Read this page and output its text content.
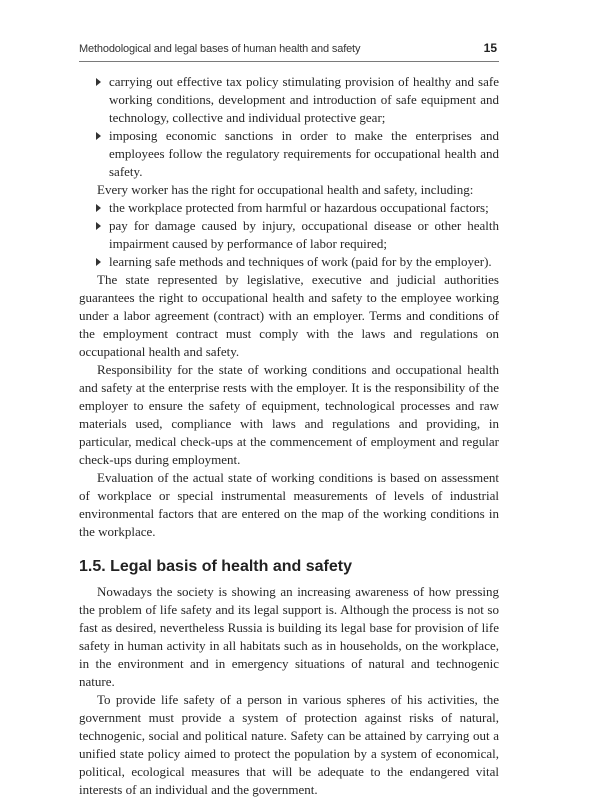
Methodological and legal bases of human health and safety	15
carrying out effective tax policy stimulating provision of healthy and safe working conditions, development and introduction of safe equipment and technology, collective and individual protective gear;
imposing economic sanctions in order to make the enterprises and employees follow the regulatory requirements for occupational health and safety.

Every worker has the right for occupational health and safety, including:

the workplace protected from harmful or hazardous occupational factors;
pay for damage caused by injury, occupational disease or other health impairment caused by performance of labor required;
learning safe methods and techniques of work (paid for by the employer).

The state represented by legislative, executive and judicial authorities guarantees the right to occupational health and safety to the employee working under a labor agreement (contract) with an employer. Terms and conditions of the employment contract must comply with the laws and regulations on occupational health and safety.

Responsibility for the state of working conditions and occupational health and safety at the enterprise rests with the employer. It is the responsibility of the employer to ensure the safety of equipment, technological processes and raw materials used, compliance with laws and regulations and providing, in particular, medical check-ups at the commencement of employment and regular check-ups during employment.

Evaluation of the actual state of working conditions is based on assessment of workplace or special instrumental measurements of levels of industrial environmental factors that are entered on the map of the working conditions in the workplace.

1.5. Legal basis of health and safety

Nowadays the society is showing an increasing awareness of how pressing the problem of life safety and its legal support is. Although the process is not so fast as desired, nevertheless Russia is building its legal base for provision of life safety in human activity in all habitats such as in households, on the workplace, in the environment and in emergency situations of natural and technogenic nature.

To provide life safety of a person in various spheres of his activities, the government must provide a system of protection against risks of natural, technogenic, social and political nature. Safety can be attained by carrying out a unified state policy aimed to protect the population by a system of economical, political, ecological measures that will be adequate to the endangered vital interests of an individual and the government.
